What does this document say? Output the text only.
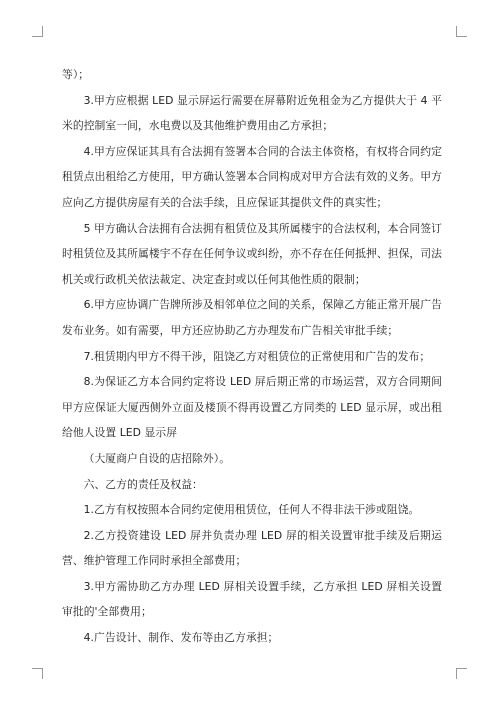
等）；

3.甲方应根据 LED 显示屏运行需要在屏幕附近免租金为乙方提供大于 4 平米的控制室一间，水电费以及其他维护费用由乙方承担；

4.甲方应保证其具有合法拥有签署本合同的合法主体资格，有权将合同约定租赁点出租给乙方使用，甲方确认签署本合同构成对甲方合法有效的义务。甲方应向乙方提供房屋有关的合法手续，且应保证其提供文件的真实性；

5 甲方确认合法拥有合法拥有租赁位及其所属楼宇的合法权利，本合同签订时租赁位及其所属楼宇不存在任何争议或纠纷，亦不存在任何抵押、担保，司法机关或行政机关依法裁定、决定查封或以任何其他性质的限制；

6.甲方应协调广告牌所涉及相邻单位之间的关系，保障乙方能正常开展广告发布业务。如有需要，甲方还应协助乙方办理发布广告相关审批手续；

7.租赁期内甲方不得干涉，阻饶乙方对租赁位的正常使用和广告的发布；

8.为保证乙方本合同约定将设 LED 屏后期正常的市场运营，双方合同期间甲方应保证大厦西侧外立面及楼顶不得再设置乙方同类的 LED 显示屏，或出租给他人设置 LED 显示屏

（大厦商户自设的店招除外）。

六、乙方的责任及权益：

1.乙方有权按照本合同约定使用租赁位，任何人不得非法干涉或阻饶。

2.乙方投资建设 LED 屏并负责办理 LED 屏的相关设置审批手续及后期运营、维护管理工作同时承担全部费用；

3.甲方需协助乙方办理 LED 屏相关设置手续，乙方承担 LED 屏相关设置审批的'全部费用；

4.广告设计、制作、发布等由乙方承担；
